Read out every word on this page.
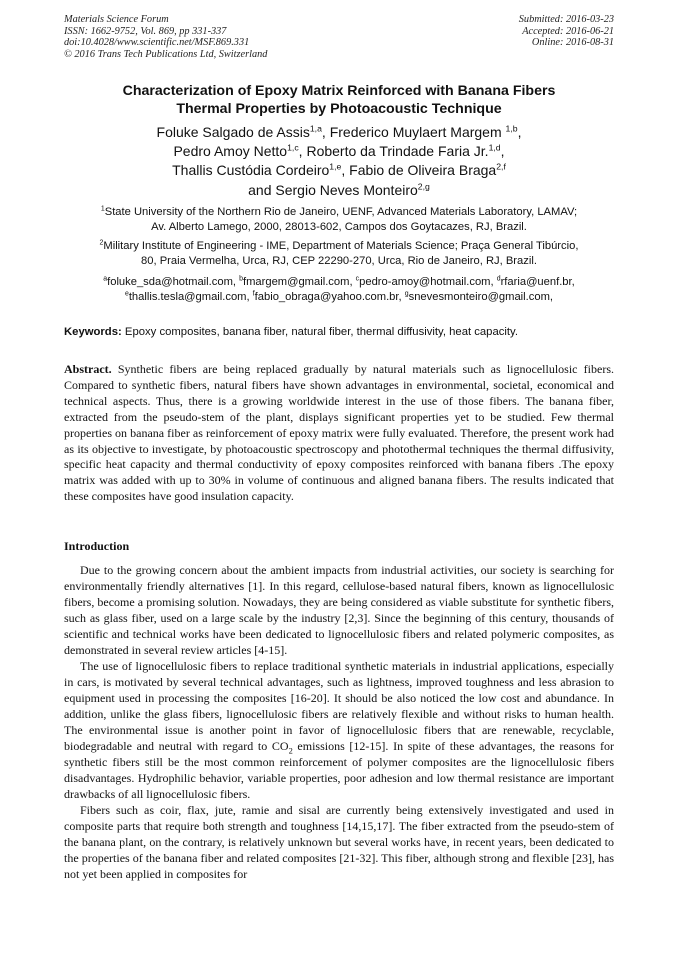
Materials Science Forum
ISSN: 1662-9752, Vol. 869, pp 331-337
doi:10.4028/www.scientific.net/MSF.869.331
© 2016 Trans Tech Publications Ltd, Switzerland
Submitted: 2016-03-23
Accepted: 2016-06-21
Online: 2016-08-31
Characterization of Epoxy Matrix Reinforced with Banana Fibers
Thermal Properties by Photoacoustic Technique
Foluke Salgado de Assis$^{1,a}$, Frederico Muylaert Margem $^{1,b}$,
Pedro Amoy Netto$^{1,c}$, Roberto da Trindade Faria Jr.$^{1,d}$,
Thallis Custódia Cordeiro$^{1,e}$, Fabio de Oliveira Braga$^{2,f}$
and Sergio Neves Monteiro$^{2,g}$
$^1$State University of the Northern Rio de Janeiro, UENF, Advanced Materials Laboratory, LAMAV;
Av. Alberto Lamego, 2000, 28013-602, Campos dos Goytacazes, RJ, Brazil.
$^2$Military Institute of Engineering - IME, Department of Materials Science; Praça General Tibúrcio,
80, Praia Vermelha, Urca, RJ, CEP 22290-270, Urca, Rio de Janeiro, RJ, Brazil.
$^a$foluke_sda@hotmail.com, $^b$fmargem@gmail.com, $^c$pedro-amoy@hotmail.com, $^d$rfaria@uenf.br,
$^e$thallis.tesla@gmail.com, $^f$fabio_obraga@yahoo.com.br, $^g$snevesmonteiro@gmail.com,
Keywords: Epoxy composites, banana fiber, natural fiber, thermal diffusivity, heat capacity.
Abstract. Synthetic fibers are being replaced gradually by natural materials such as lignocellulosic fibers. Compared to synthetic fibers, natural fibers have shown advantages in environmental, societal, economical and technical aspects. Thus, there is a growing worldwide interest in the use of those fibers. The banana fiber, extracted from the pseudo-stem of the plant, displays significant properties yet to be studied. Few thermal properties on banana fiber as reinforcement of epoxy matrix were fully evaluated. Therefore, the present work had as its objective to investigate, by photoacoustic spectroscopy and photothermal techniques the thermal diffusivity, specific heat capacity and thermal conductivity of epoxy composites reinforced with banana fibers .The epoxy matrix was added with up to 30% in volume of continuous and aligned banana fibers. The results indicated that these composites have good insulation capacity.
Introduction

Due to the growing concern about the ambient impacts from industrial activities, our society is searching for environmentally friendly alternatives [1]. In this regard, cellulose-based natural fibers, known as lignocellulosic fibers, become a promising solution. Nowadays, they are being considered as viable substitute for synthetic fibers, such as glass fiber, used on a large scale by the industry [2,3]. Since the beginning of this century, thousands of scientific and technical works have been dedicated to lignocellulosic fibers and related polymeric composites, as demonstrated in several review articles [4-15].

The use of lignocellulosic fibers to replace traditional synthetic materials in industrial applications, especially in cars, is motivated by several technical advantages, such as lightness, improved toughness and less abrasion to equipment used in processing the composites [16-20]. It should be also noticed the low cost and abundance. In addition, unlike the glass fibers, lignocellulosic fibers are relatively flexible and without risks to human health. The environmental issue is another point in favor of lignocellulosic fibers that are renewable, recyclable, biodegradable and neutral with regard to $CO_2$ emissions [12-15]. In spite of these advantages, the reasons for synthetic fibers still be the most common reinforcement of polymer composites are the lignocellulosic fibers disadvantages. Hydrophilic behavior, variable properties, poor adhesion and low thermal resistance are important drawbacks of all lignocellulosic fibers.

Fibers such as coir, flax, jute, ramie and sisal are currently being extensively investigated and used in composite parts that require both strength and toughness [14,15,17]. The fiber extracted from the pseudo-stem of the banana plant, on the contrary, is relatively unknown but several works have, in recent years, been dedicated to the properties of the banana fiber and related composites [21-32]. This fiber, although strong and flexible [23], has not yet been applied in composites for
